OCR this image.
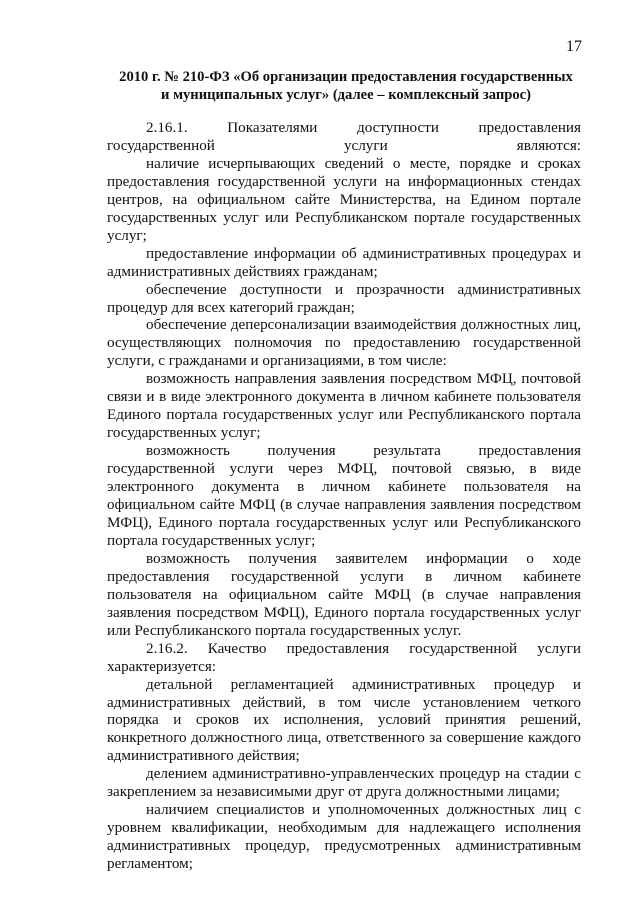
17
2010 г. № 210-ФЗ «Об организации предоставления государственных
и муниципальных услуг» (далее – комплексный запрос)

2.16.1. Показателями доступности предоставления государственной услуги являются:

наличие исчерпывающих сведений о месте, порядке и сроках предоставления государственной услуги на информационных стендах центров, на официальном сайте Министерства, на Едином портале государственных услуг или Республиканском портале государственных услуг;

предоставление информации об административных процедурах и административных действиях гражданам;

обеспечение доступности и прозрачности административных процедур для всех категорий граждан;

обеспечение деперсонализации взаимодействия должностных лиц, осуществляющих полномочия по предоставлению государственной услуги, с гражданами и организациями, в том числе:

возможность направления заявления посредством МФЦ, почтовой связи и в виде электронного документа в личном кабинете пользователя Единого портала государственных услуг или Республиканского портала государственных услуг;

возможность получения результата предоставления государственной услуги через МФЦ, почтовой связью, в виде электронного документа в личном кабинете пользователя на официальном сайте МФЦ (в случае направления заявления посредством МФЦ), Единого портала государственных услуг или Республиканского портала государственных услуг;

возможность получения заявителем информации о ходе предоставления государственной услуги в личном кабинете пользователя на официальном сайте МФЦ (в случае направления заявления посредством МФЦ), Единого портала государственных услуг или Республиканского портала государственных услуг.

2.16.2. Качество предоставления государственной услуги характеризуется:

детальной регламентацией административных процедур и административных действий, в том числе установлением четкого порядка и сроков их исполнения, условий принятия решений, конкретного должностного лица, ответственного за совершение каждого административного действия;

делением административно-управленческих процедур на стадии с закреплением за независимыми друг от друга должностными лицами;

наличием специалистов и уполномоченных должностных лиц с уровнем квалификации, необходимым для надлежащего исполнения административных процедур, предусмотренных административным регламентом;
